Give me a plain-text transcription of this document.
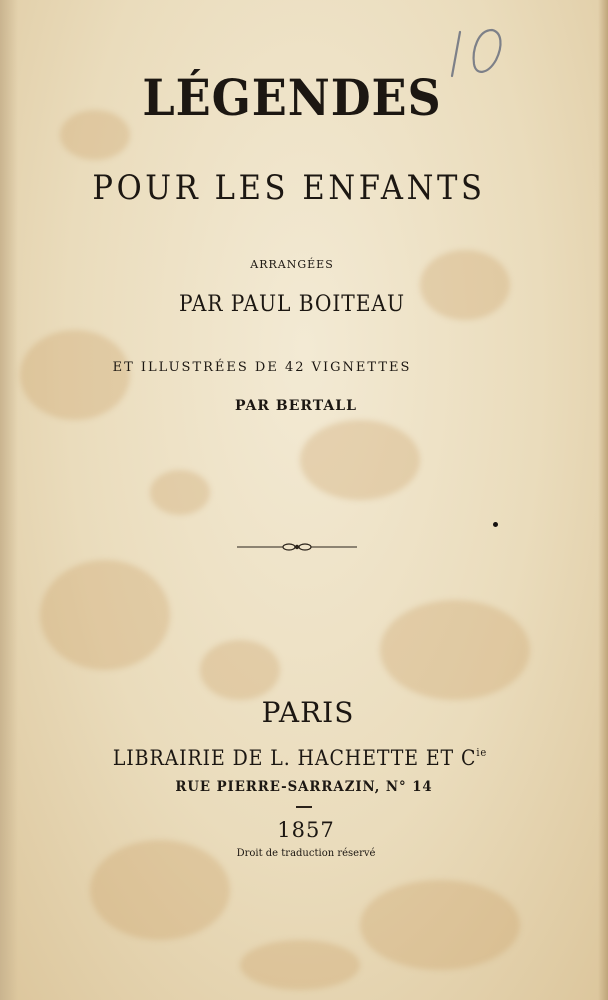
LÉGENDES
POUR LES ENFANTS
ARRANGÉES
PAR PAUL BOITEAU
ET ILLUSTRÉES DE 42 VIGNETTES
PAR BERTALL
PARIS
LIBRAIRIE DE L. HACHETTE ET $C^{ie}$
RUE PIERRE-SARRAZIN, N° 14
1857
Droit de traduction réservé
